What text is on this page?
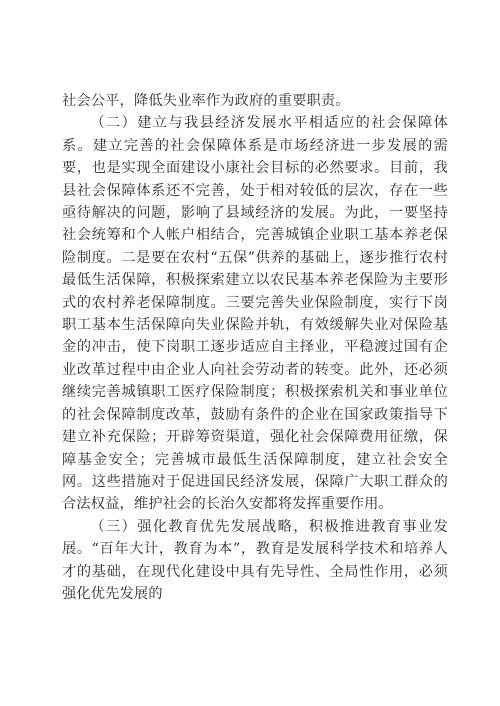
社会公平，降低失业率作为政府的重要职责。

（二）建立与我县经济发展水平相适应的社会保障体系。建立完善的社会保障体系是市场经济进一步发展的需要，也是实现全面建设小康社会目标的必然要求。目前，我县社会保障体系还不完善，处于相对较低的层次，存在一些亟待解决的问题，影响了县域经济的发展。为此，一要坚持社会统筹和个人帐户相结合，完善城镇企业职工基本养老保险制度。二是要在农村“五保”供养的基础上，逐步推行农村最低生活保障，积极探索建立以农民基本养老保险为主要形式的农村养老保障制度。三要完善失业保险制度，实行下岗职工基本生活保障向失业保险并轨，有效缓解失业对保险基金的冲击，使下岗职工逐步适应自主择业，平稳渡过国有企业改革过程中由企业人向社会劳动者的转变。此外，还必须继续完善城镇职工医疗保险制度；积极探索机关和事业单位的社会保障制度改革，鼓励有条件的企业在国家政策指导下建立补充保险；开辟筹资渠道，强化社会保障费用征缴，保障基金安全；完善城市最低生活保障制度，建立社会安全网。这些措施对于促进国民经济发展，保障广大职工群众的合法权益，维护社会的长治久安都将发挥重要作用。

（三）强化教育优先发展战略，积极推进教育事业发展。“百年大计，教育为本”，教育是发展科学技术和培养人才的基础，在现代化建设中具有先导性、全局性作用，必须强化优先发展的
